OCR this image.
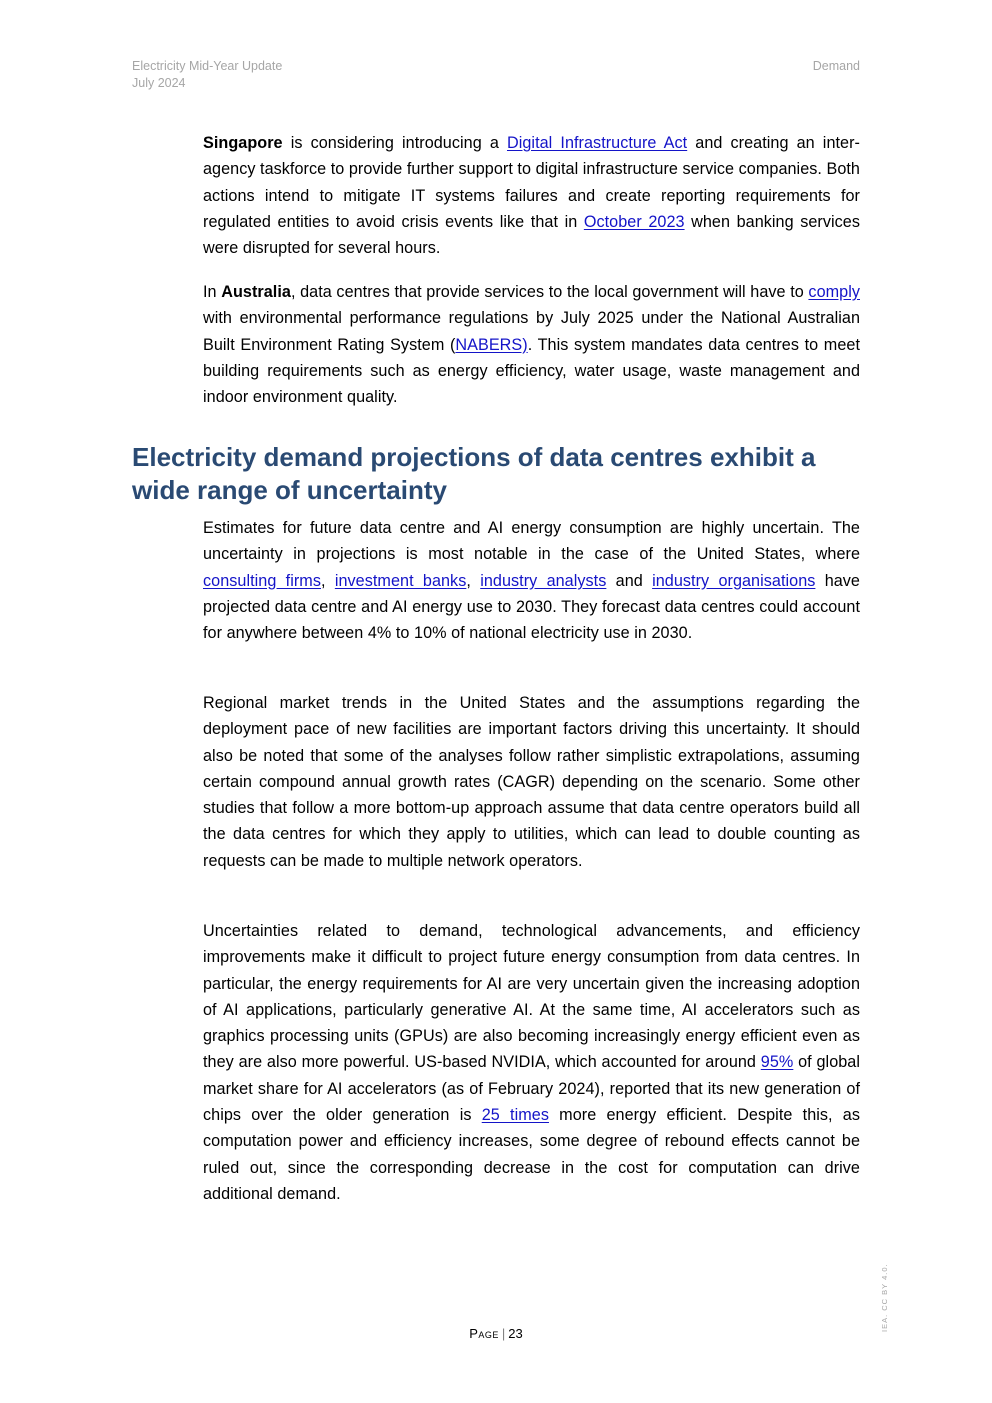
Electricity Mid-Year Update
July 2024
Demand

Singapore is considering introducing a Digital Infrastructure Act and creating an inter-agency taskforce to provide further support to digital infrastructure service companies. Both actions intend to mitigate IT systems failures and create reporting requirements for regulated entities to avoid crisis events like that in October 2023 when banking services were disrupted for several hours.

In Australia, data centres that provide services to the local government will have to comply with environmental performance regulations by July 2025 under the National Australian Built Environment Rating System (NABERS). This system mandates data centres to meet building requirements such as energy efficiency, water usage, waste management and indoor environment quality.

Electricity demand projections of data centres exhibit a wide range of uncertainty

Estimates for future data centre and AI energy consumption are highly uncertain. The uncertainty in projections is most notable in the case of the United States, where consulting firms, investment banks, industry analysts and industry organisations have projected data centre and AI energy use to 2030. They forecast data centres could account for anywhere between 4% to 10% of national electricity use in 2030.

Regional market trends in the United States and the assumptions regarding the deployment pace of new facilities are important factors driving this uncertainty. It should also be noted that some of the analyses follow rather simplistic extrapolations, assuming certain compound annual growth rates (CAGR) depending on the scenario. Some other studies that follow a more bottom-up approach assume that data centre operators build all the data centres for which they apply to utilities, which can lead to double counting as requests can be made to multiple network operators.

Uncertainties related to demand, technological advancements, and efficiency improvements make it difficult to project future energy consumption from data centres. In particular, the energy requirements for AI are very uncertain given the increasing adoption of AI applications, particularly generative AI. At the same time, AI accelerators such as graphics processing units (GPUs) are also becoming increasingly energy efficient even as they are also more powerful. US-based NVIDIA, which accounted for around 95% of global market share for AI accelerators (as of February 2024), reported that its new generation of chips over the older generation is 25 times more energy efficient. Despite this, as computation power and efficiency increases, some degree of rebound effects cannot be ruled out, since the corresponding decrease in the cost for computation can drive additional demand.

Page | 23
IEA. CC BY 4.0.
